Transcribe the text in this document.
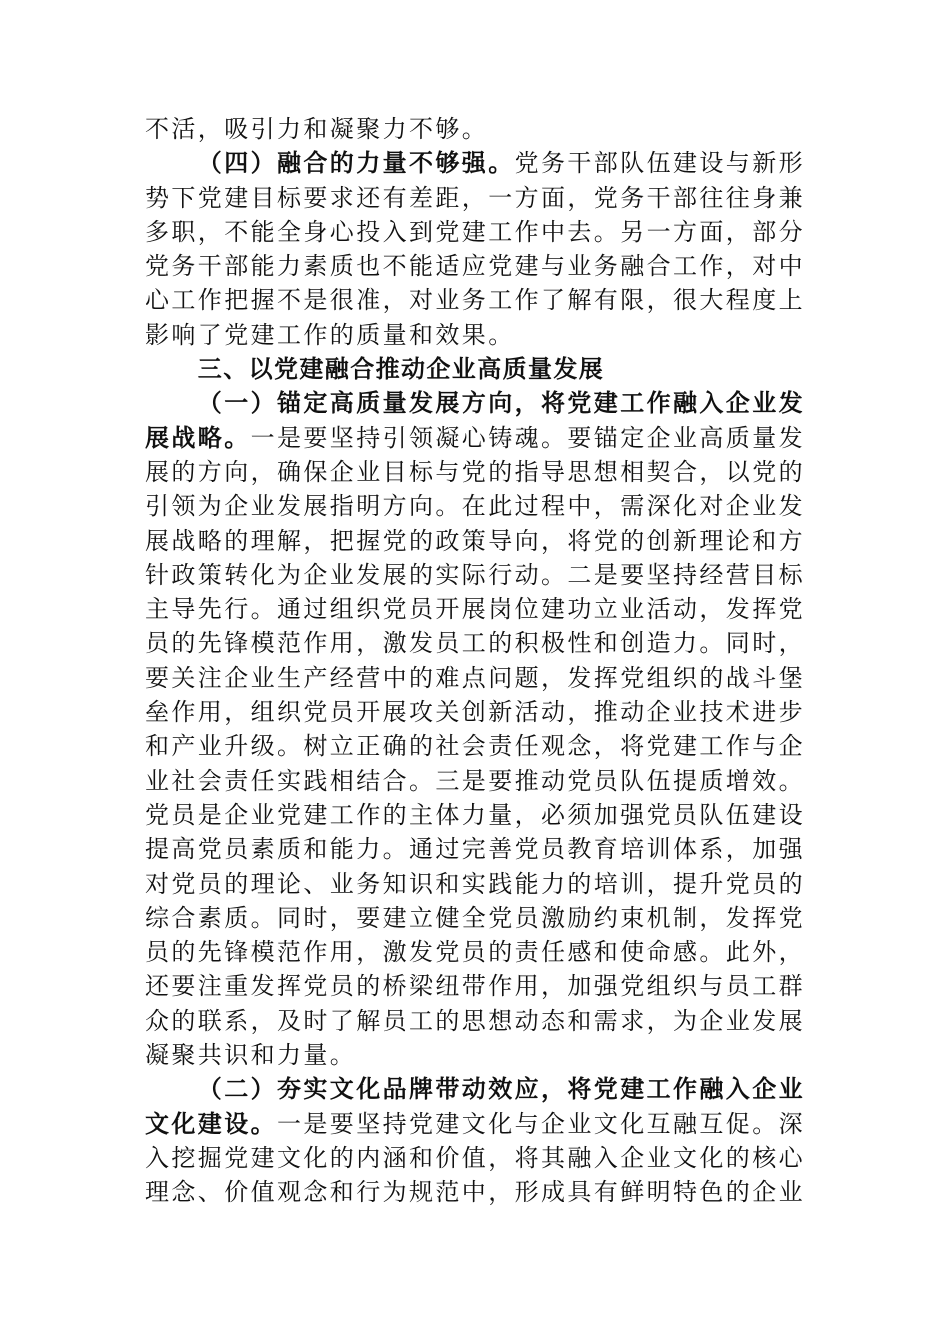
不活，吸引力和凝聚力不够。
（四）融合的力量不够强。党务干部队伍建设与新形
势下党建目标要求还有差距，一方面，党务干部往往身兼
多职，不能全身心投入到党建工作中去。另一方面，部分
党务干部能力素质也不能适应党建与业务融合工作，对中
心工作把握不是很准，对业务工作了解有限，很大程度上
影响了党建工作的质量和效果。
三、以党建融合推动企业高质量发展
（一）锚定高质量发展方向，将党建工作融入企业发
展战略。一是要坚持引领凝心铸魂。要锚定企业高质量发
展的方向，确保企业目标与党的指导思想相契合，以党的
引领为企业发展指明方向。在此过程中，需深化对企业发
展战略的理解，把握党的政策导向，将党的创新理论和方
针政策转化为企业发展的实际行动。二是要坚持经营目标
主导先行。通过组织党员开展岗位建功立业活动，发挥党
员的先锋模范作用，激发员工的积极性和创造力。同时，
要关注企业生产经营中的难点问题，发挥党组织的战斗堡
垒作用，组织党员开展攻关创新活动，推动企业技术进步
和产业升级。树立正确的社会责任观念，将党建工作与企
业社会责任实践相结合。三是要推动党员队伍提质增效。
党员是企业党建工作的主体力量，必须加强党员队伍建设
提高党员素质和能力。通过完善党员教育培训体系，加强
对党员的理论、业务知识和实践能力的培训，提升党员的
综合素质。同时，要建立健全党员激励约束机制，发挥党
员的先锋模范作用，激发党员的责任感和使命感。此外，
还要注重发挥党员的桥梁纽带作用，加强党组织与员工群
众的联系，及时了解员工的思想动态和需求，为企业发展
凝聚共识和力量。
（二）夯实文化品牌带动效应，将党建工作融入企业
文化建设。一是要坚持党建文化与企业文化互融互促。深
入挖掘党建文化的内涵和价值，将其融入企业文化的核心
理念、价值观念和行为规范中，形成具有鲜明特色的企业
